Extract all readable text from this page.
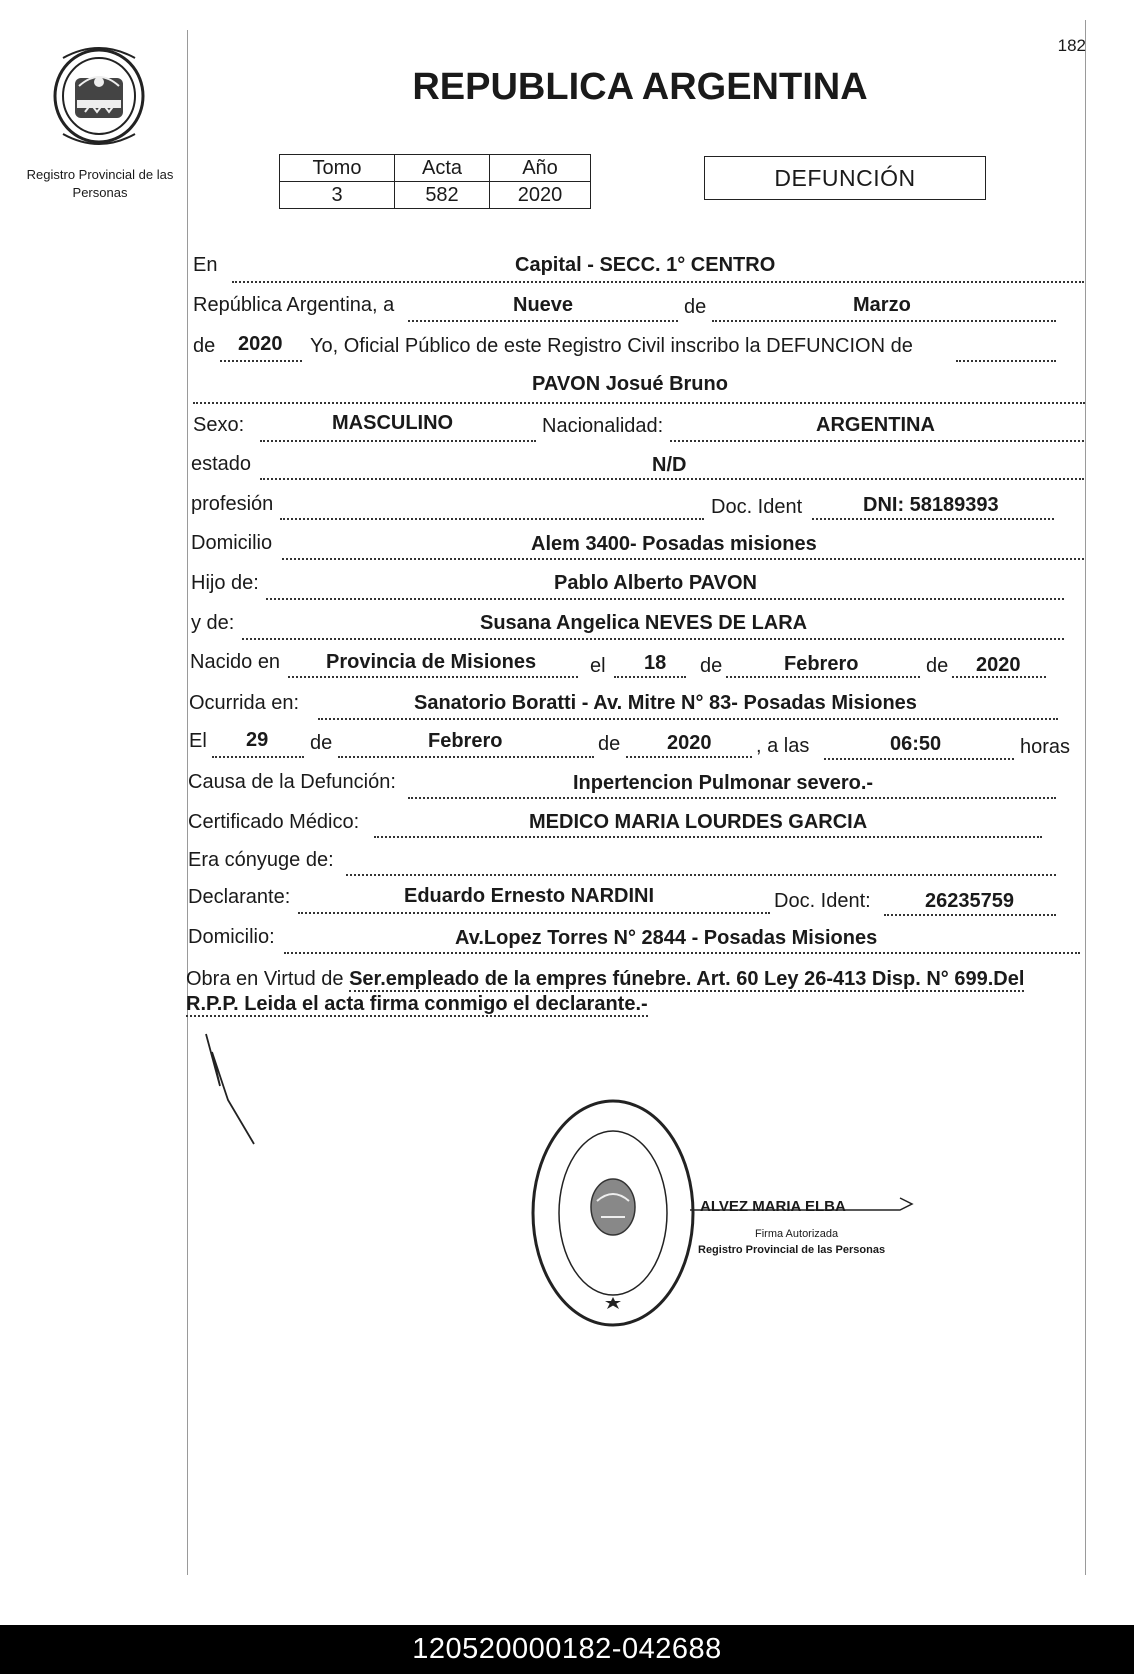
182
Registro Provincial de las Personas
REPUBLICA ARGENTINA
Tomo	Acta	Año
3	582	2020
DEFUNCIÓN
En	Capital - SECC. 1° CENTRO
República Argentina, a	Nueve	de	Marzo
de 2020 Yo, Oficial Público de este Registro Civil inscribo la DEFUNCION de
PAVON Josué Bruno
Sexo:	MASCULINO	Nacionalidad:	ARGENTINA
estado	N/D
profesión	Doc. Ident	DNI: 58189393
Domicilio	Alem 3400- Posadas misiones
Hijo de:	Pablo Alberto PAVON
y de:	Susana Angelica NEVES DE LARA
Nacido en Provincia de Misiones	el 18 de	Febrero	de 2020
Ocurrida en:	Sanatorio Boratti - Av. Mitre N° 83- Posadas Misiones
El 29 de	Febrero	de 2020 , a las	06:50	horas
Causa de la Defunción:	Inpertencion Pulmonar severo.-
Certificado Médico:	MEDICO MARIA LOURDES GARCIA
Era cónyuge de:
Declarante:	Eduardo Ernesto NARDINI	Doc. Ident:	26235759
Domicilio:	Av.Lopez Torres N° 2844 - Posadas Misiones
Obra en Virtud de Ser.empleado de la empres fúnebre. Art. 60 Ley 26-413 Disp. N° 699.Del
R.P.P. Leida el acta firma conmigo el declarante.-
ALVEZ MARIA ELBA
Firma Autorizada
Registro Provincial de las Personas
120520000182-042688
